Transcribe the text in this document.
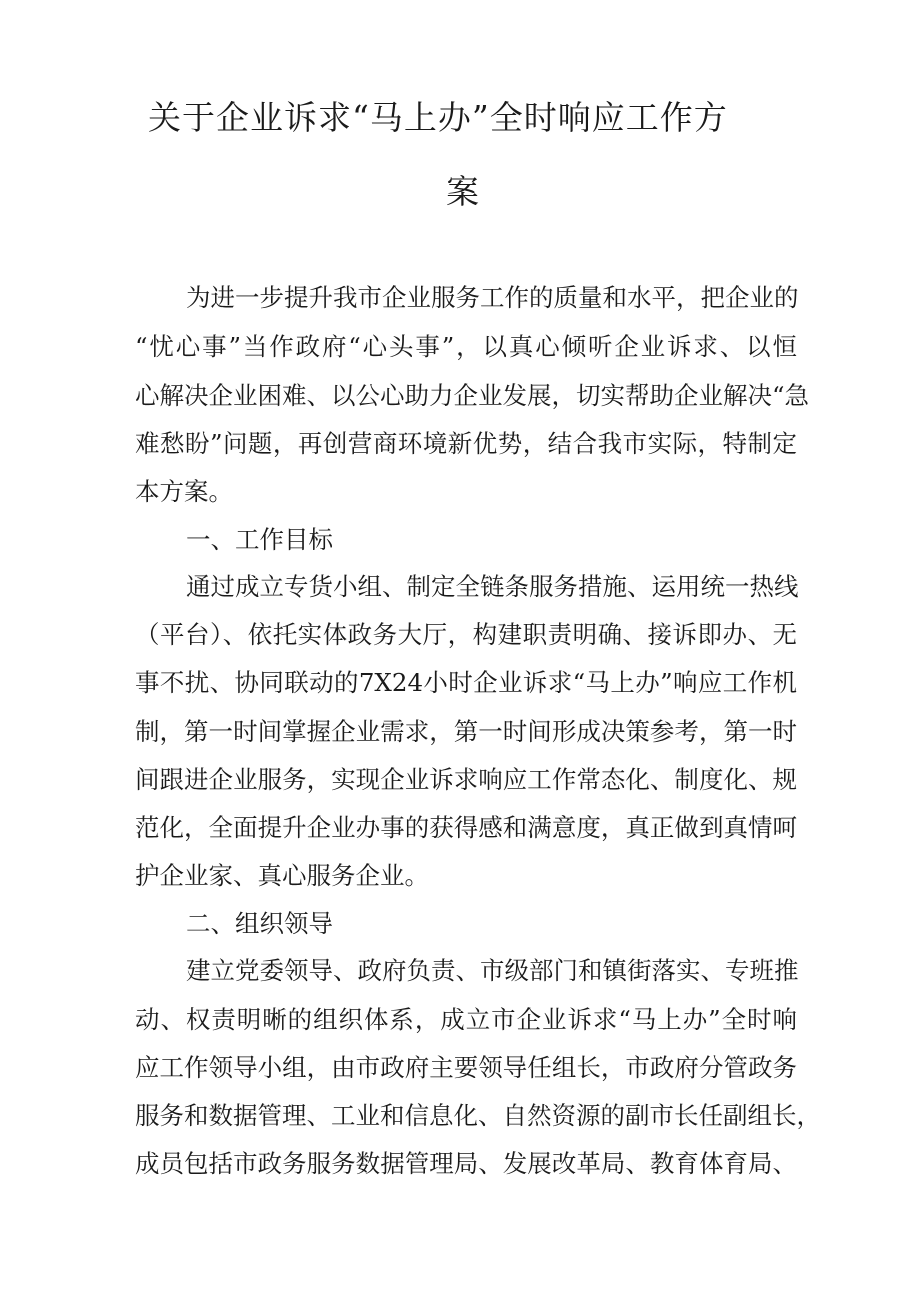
关于企业诉求“马上办”全时响应工作方
案
为进一步提升我市企业服务工作的质量和水平，把企业的
“忧心事”当作政府“心头事”，以真心倾听企业诉求、以恒
心解决企业困难、以公心助力企业发展，切实帮助企业解决“急
难愁盼”问题，再创营商环境新优势，结合我市实际，特制定
本方案。
一、工作目标
通过成立专货小组、制定全链条服务措施、运用统一热线
（平台）、依托实体政务大厅，构建职责明确、接诉即办、无
事不扰、协同联动的7X24小时企业诉求“马上办”响应工作机
制，第一时间掌握企业需求，第一时间形成决策参考，第一时
间跟进企业服务，实现企业诉求响应工作常态化、制度化、规
范化，全面提升企业办事的获得感和满意度，真正做到真情呵
护企业家、真心服务企业。
二、组织领导
建立党委领导、政府负责、市级部门和镇街落实、专班推
动、权责明晰的组织体系，成立市企业诉求“马上办”全时响
应工作领导小组，由市政府主要领导任组长，市政府分管政务
服务和数据管理、工业和信息化、自然资源的副市长任副组长，
成员包括市政务服务数据管理局、发展改革局、教育体育局、
